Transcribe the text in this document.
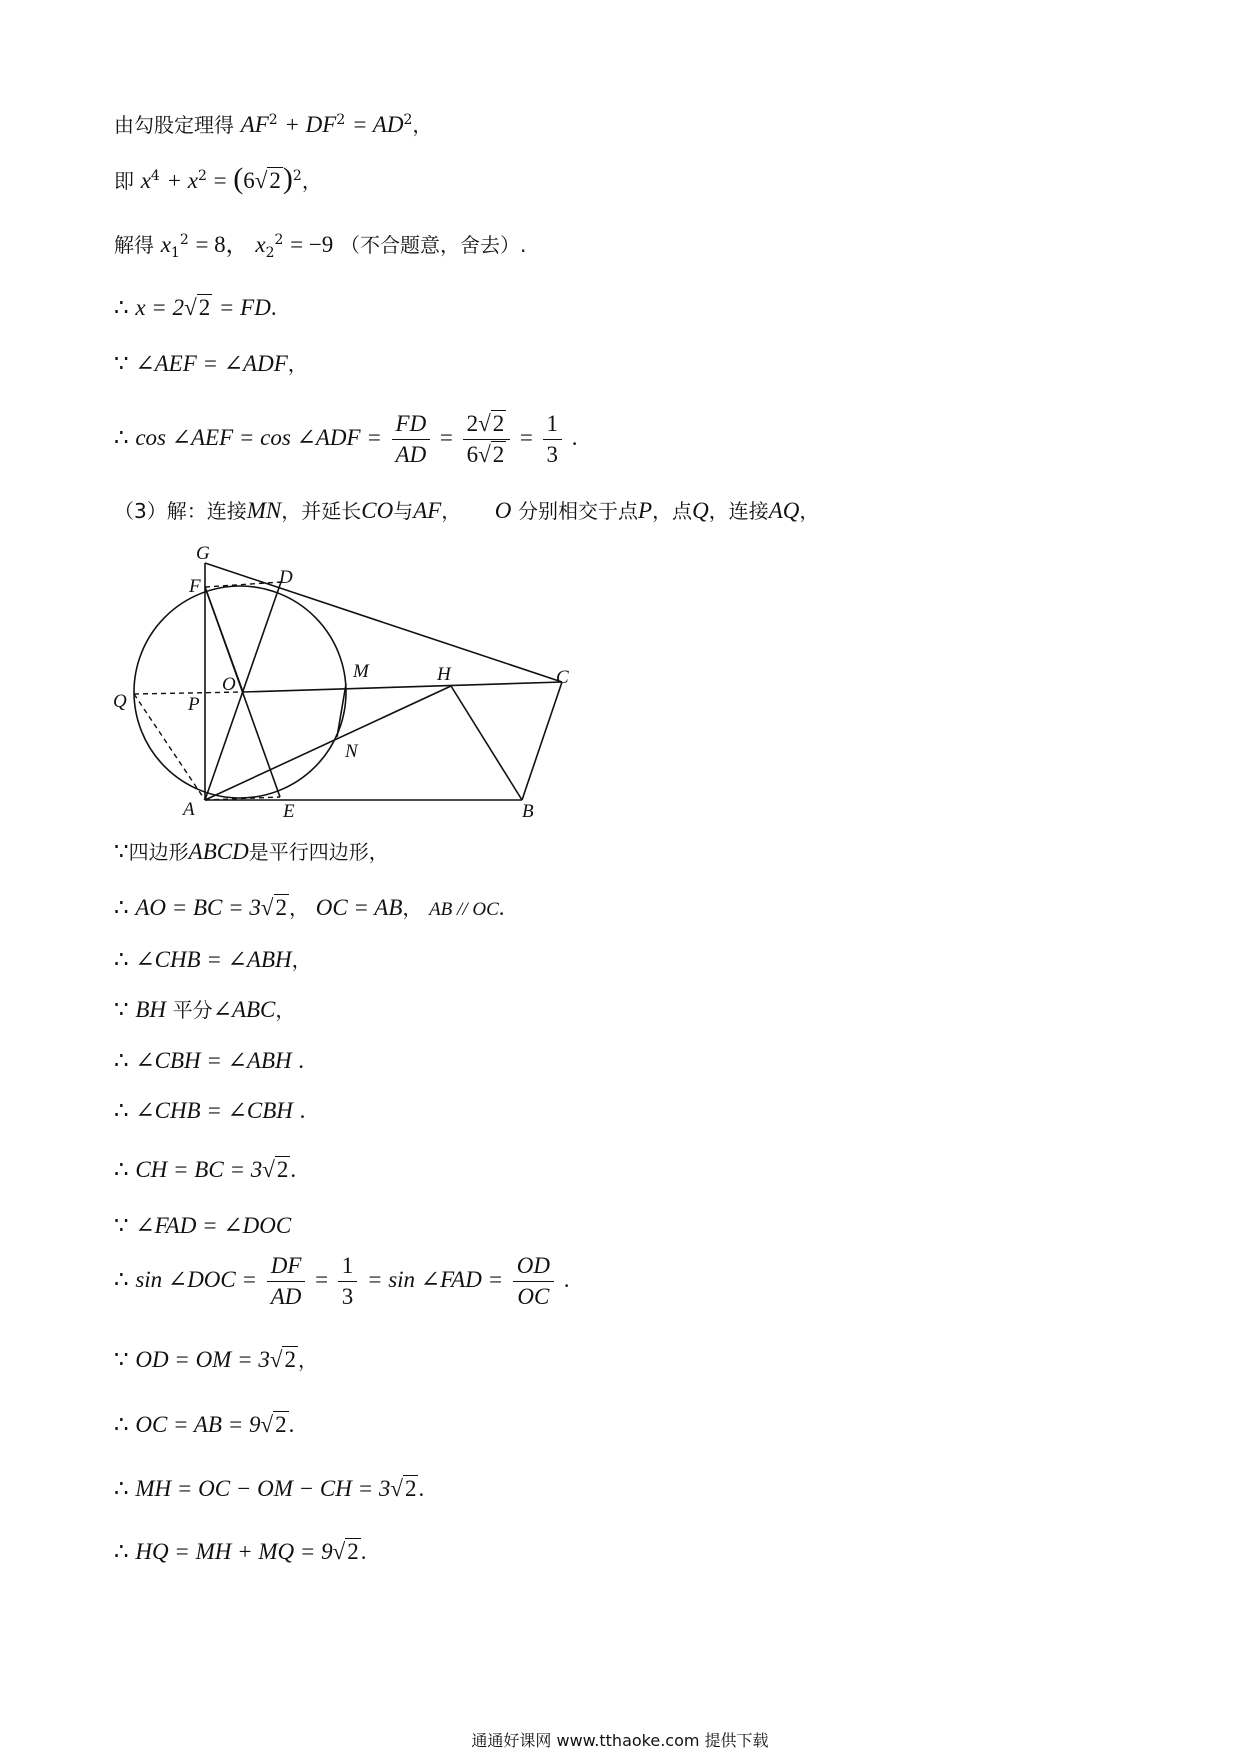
由勾股定理得 $AF^2 + DF^2 = AD^2$，
即 $x^4 + x^2 = (6√2)^2$，
解得 $x_1^2 = 8$， $x_2^2 = -9$ （不合题意，舍去）.
∴ x = 2√2 = FD.
∵ ∠AEF = ∠ADF，
∴ cos ∠AEF = cos ∠ADF = $\frac{FD}{AD} = \frac{2√2}{6√2} = \frac{1}{3}$ .
（3）解：连接MN，并延长CO与AF， O 分别相交于点P，点Q，连接AQ，
G
F	D
O
M	H	C
Q	P
N
A	E	B
∵四边形ABCD是平行四边形，
∴ AO = BC = 3√2 ， OC = AB， AB // OC.
∴ ∠CHB = ∠ABH，
∵ BH 平分∠ABC，
∴ ∠CBH = ∠ABH .
∴ ∠CHB = ∠CBH .
∴ CH = BC = 3√2.
∵ ∠FAD = ∠DOC
∴ sin ∠DOC = $\frac{DF}{AD} = \frac{1}{3} = \sin$ ∠FAD = $\frac{OD}{OC}$ .
∵ OD = OM = 3√2 ，
∴ OC = AB = 9√2.
∴ MH = OC − OM − CH = 3√2.
∴ HQ = MH + MQ = 9√2.
通通好课网 www.tthaoke.com 提供下载
